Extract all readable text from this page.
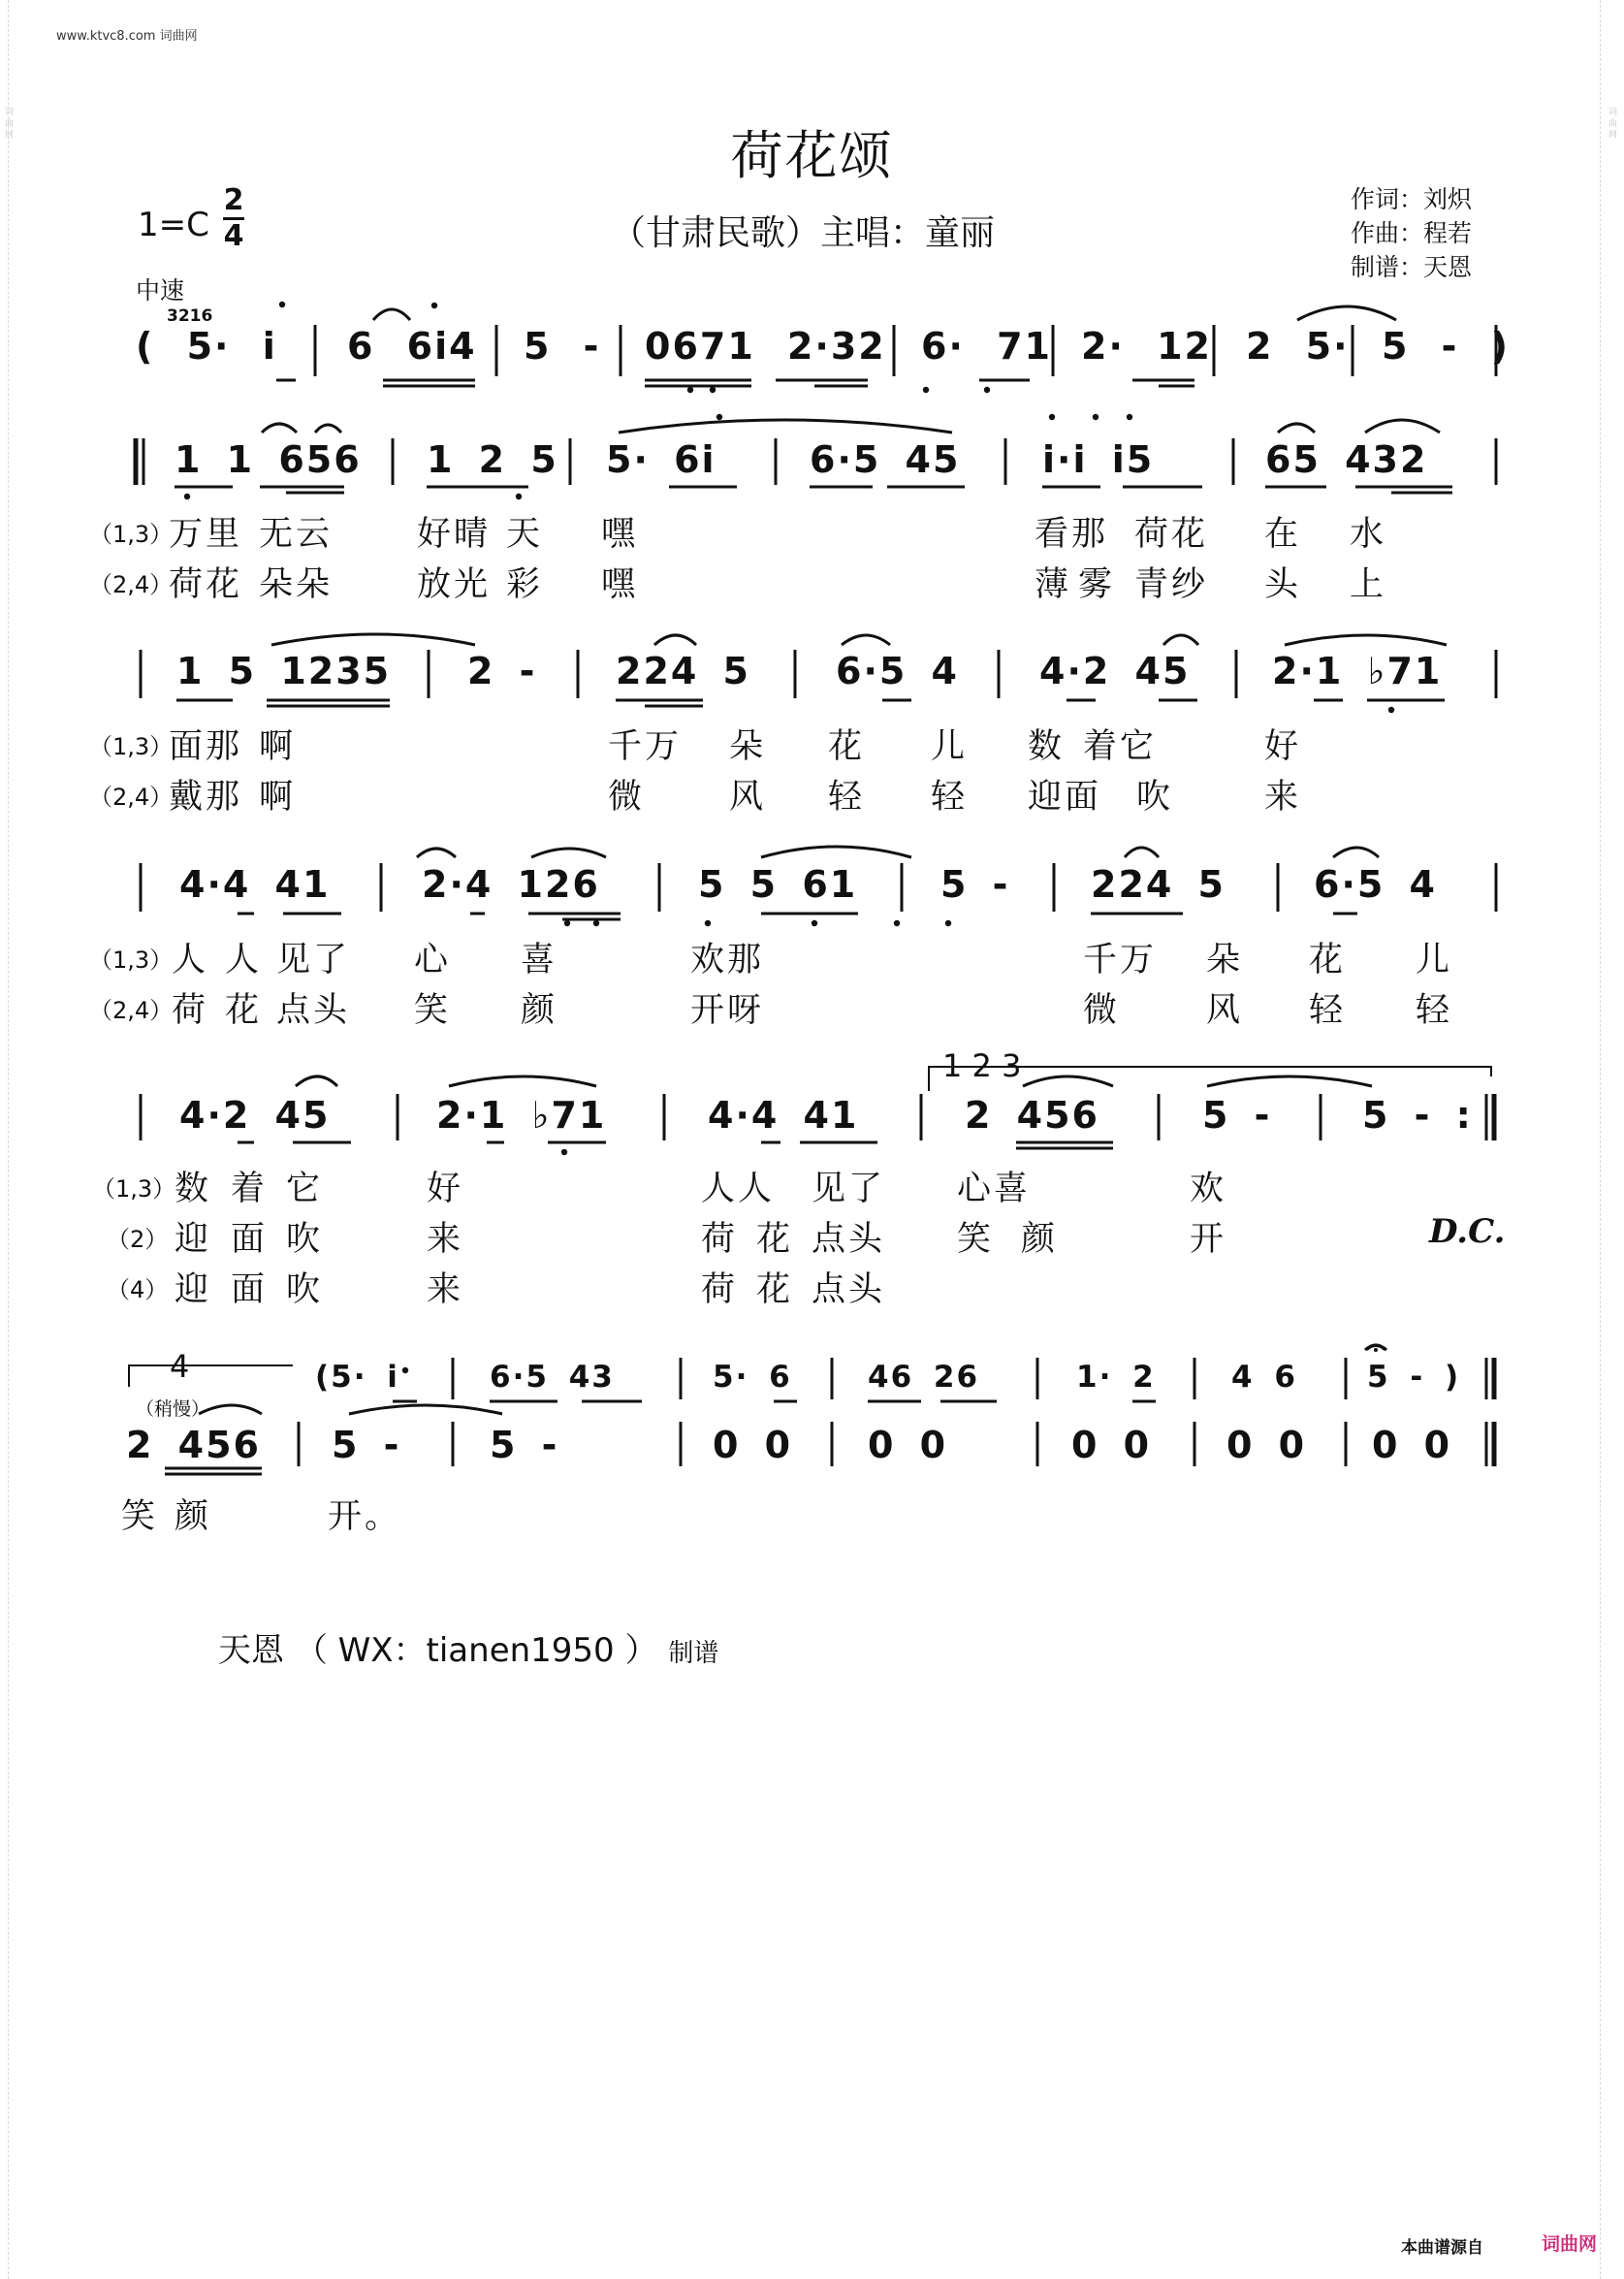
词 曲 网	词 曲 网
www.ktvc8.com 词曲网
荷花颂
（甘肃民歌）主唱：童丽
作词：刘炽
作曲：程若
制谱：天恩
1=C
2
4
中速
3216
( 5· i 6 6i4 5 - 0671 2·32 6· 71 2· 12 2 5· 5 - )
1 1 656 1 2 5 5· 6i	6·5 45 i·i i5	65 432
1 5 1235 2 - 224 5 6·5 4 4·2 45 2·1 ♭71
4·4 41 2·4 126	5 5 61 5 - 224 5 6·5 4
1 2 3
4·2 45	2·1 ♭71	4·4 41	2 456	5 - 5 - :
4
（稍慢）
(5· i	6·5 43	5· 6	46 26	1· 2	4 6 5 - )
2 456 5 - 5 -	0 0 0 0	0 0 0 0 0 0
（1,3）
万里 无云 好晴 天 嘿	看那 荷花 在 水
（2,4）
荷花 朵朵 放光 彩 嘿	薄 雾 青纱 头 上
（1,3）
面那 啊	千万 朵 花 儿 数 着它	好
（2,4）
戴那 啊	微 风 轻 轻 迎面 吹	来
（1,3）
人 人 见了 心 喜	欢那	千万 朵 花 儿
（2,4）
荷 花 点头 笑 颜	开呀	微	风 轻 轻
（1,3）
数 着 它	好	人人 见了 心喜	欢
（2） 迎 面 吹	来	荷 花 点头 笑 颜	开	D.C.
（4） 迎 面 吹	来	荷 花 点头
笑 颜	开。
天恩 （ WX：tianen1950 ） 制谱
本曲谱源自	词曲网
